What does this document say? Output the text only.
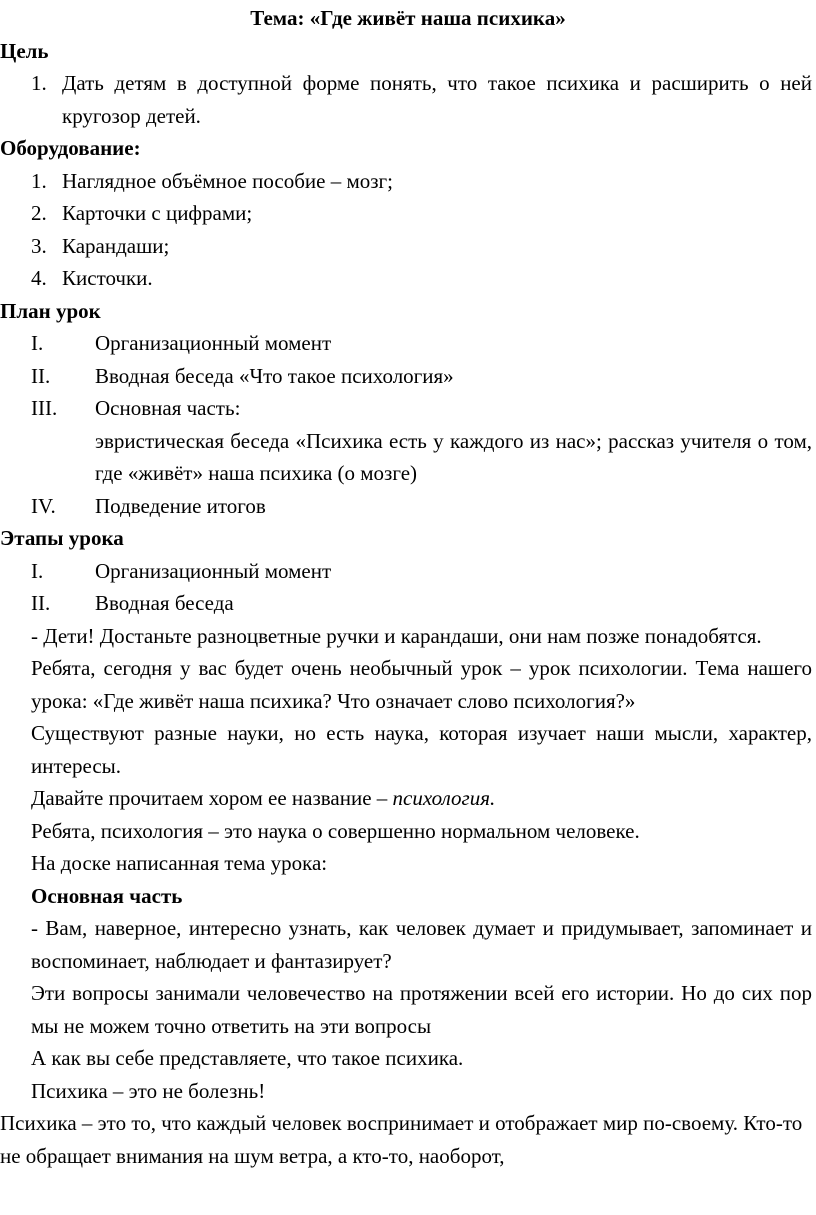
Тема: «Где живёт наша психика»

Цель

1. Дать детям в доступной форме понять, что такое психика и расширить о ней кругозор детей.

Оборудование:

1. Наглядное объёмное пособие – мозг;
2. Карточки с цифрами;
3. Карандаши;
4. Кисточки.

План урок

I. Организационный момент
II. Вводная беседа «Что такое психология»
III. Основная часть:

эвристическая беседа «Психика есть у каждого из нас»; рассказ учителя о том, где «живёт» наша психика (о мозге)

IV. Подведение итогов

Этапы урока

I. Организационный момент
II. Вводная беседа

- Дети! Достаньте разноцветные ручки и карандаши, они нам позже понадобятся.

Ребята, сегодня у вас будет очень необычный урок – урок психологии. Тема нашего урока: «Где живёт наша психика? Что означает слово психология?»

Существуют разные науки, но есть наука, которая изучает наши мысли, характер, интересы.

Давайте прочитаем хором ее название – психология.

Ребята, психология – это наука о совершенно нормальном человеке.

На доске написанная тема урока:

Основная часть

- Вам, наверное, интересно узнать, как человек думает и придумывает, запоминает и воспоминает, наблюдает и фантазирует?

Эти вопросы занимали человечество на протяжении всей его истории. Но до сих пор мы не можем точно ответить на эти вопросы

А как вы себе представляете, что такое психика.

Психика – это не болезнь!

Психика – это то, что каждый человек воспринимает и отображает мир по-своему. Кто-то не обращает внимания на шум ветра, а кто-то, наоборот,
